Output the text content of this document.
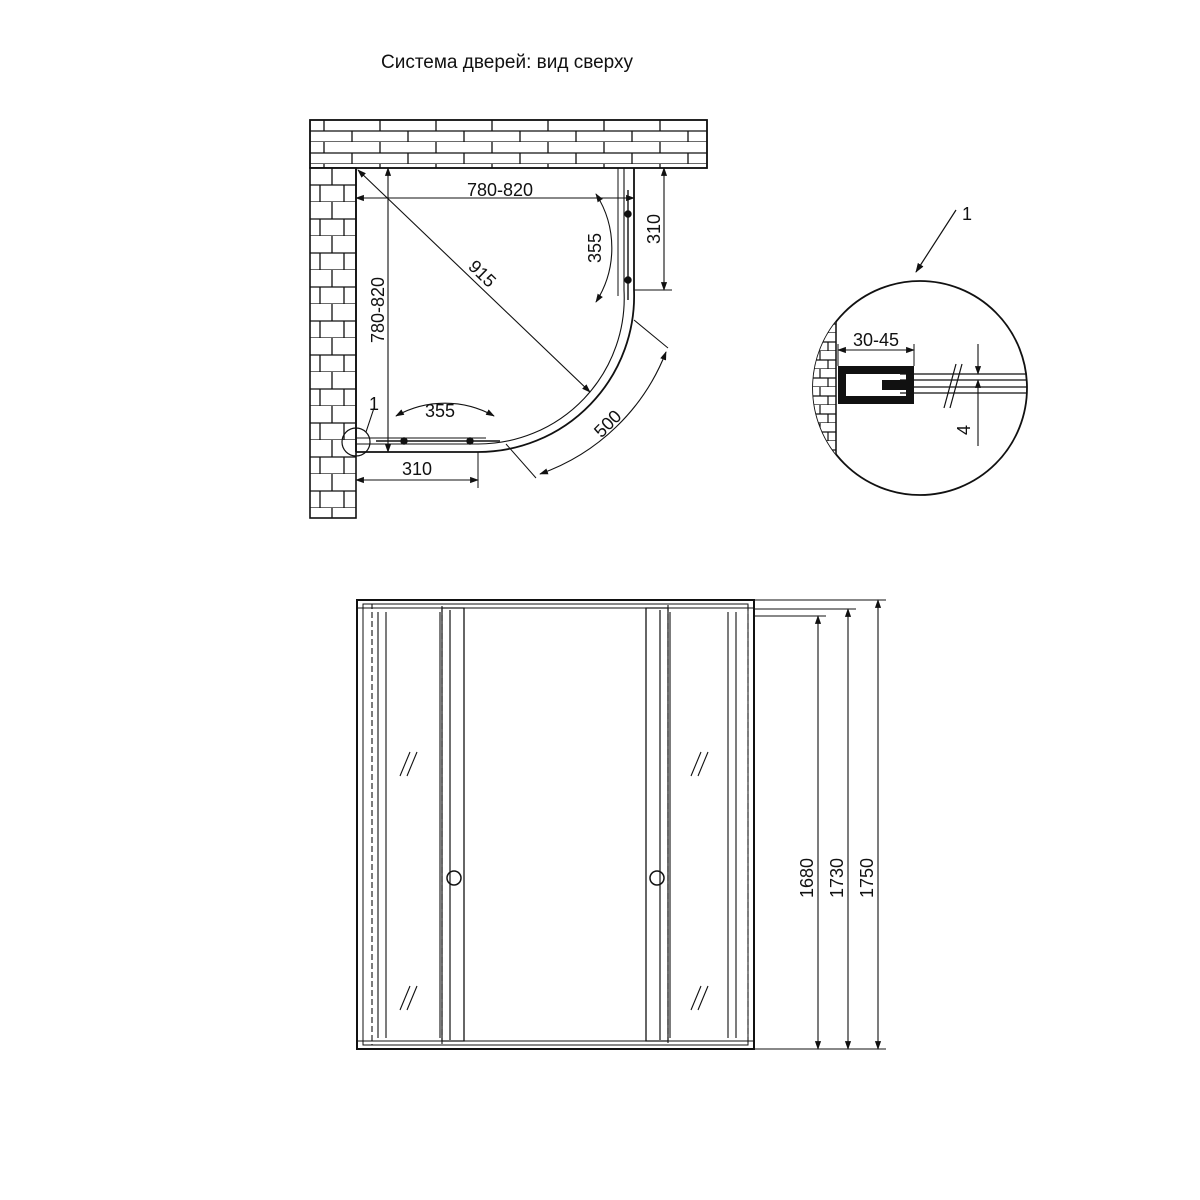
Система дверей: вид сверху
780-820
780-820
915
355
355
310
310
500
1
30-45
4
1
1680 1730 1750
